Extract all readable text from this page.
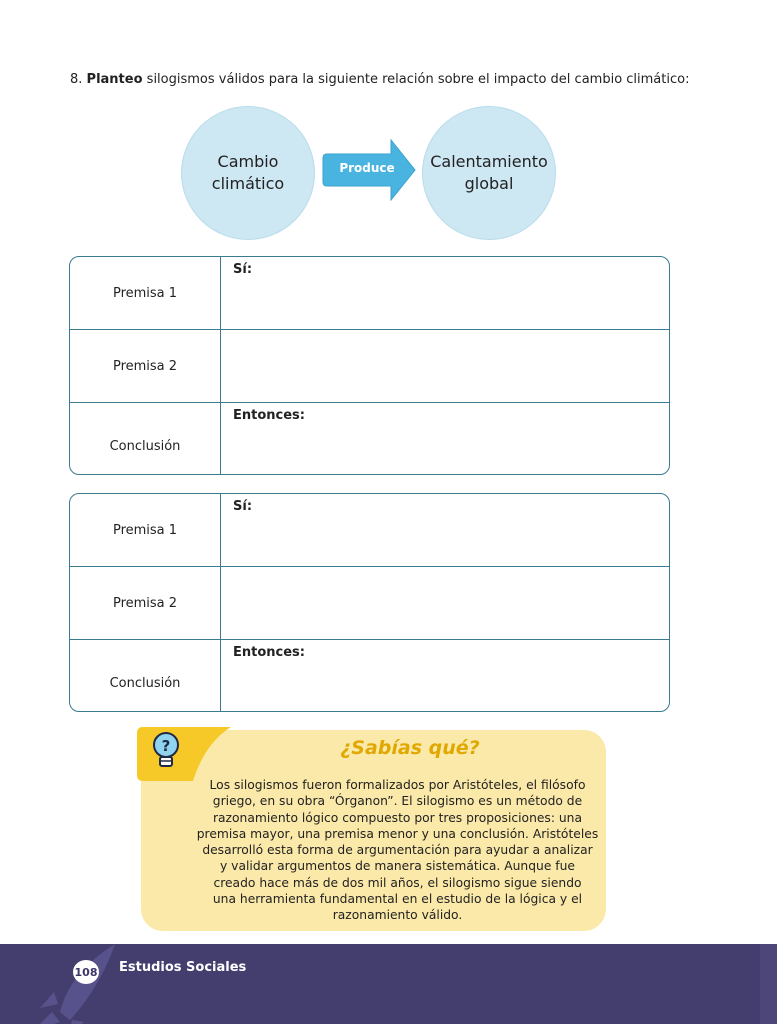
8. Planteo silogismos válidos para la siguiente relación sobre el impacto del cambio climático:
Cambio
climático
Produce	Calentamiento
global
Premisa 1
Sí:
Premisa 2
Conclusión
Entonces:
Premisa 1
Sí:
Premisa 2
Conclusión
Entonces:
?	¿Sabías qué?
Los silogismos fueron formalizados por Aristóteles, el filósofo
griego, en su obra “Órganon”. El silogismo es un método de
razonamiento lógico compuesto por tres proposiciones: una
premisa mayor, una premisa menor y una conclusión. Aristóteles
desarrolló esta forma de argumentación para ayudar a analizar
y validar argumentos de manera sistemática. Aunque fue
creado hace más de dos mil años, el silogismo sigue siendo
una herramienta fundamental en el estudio de la lógica y el
razonamiento válido.
108 Estudios Sociales
